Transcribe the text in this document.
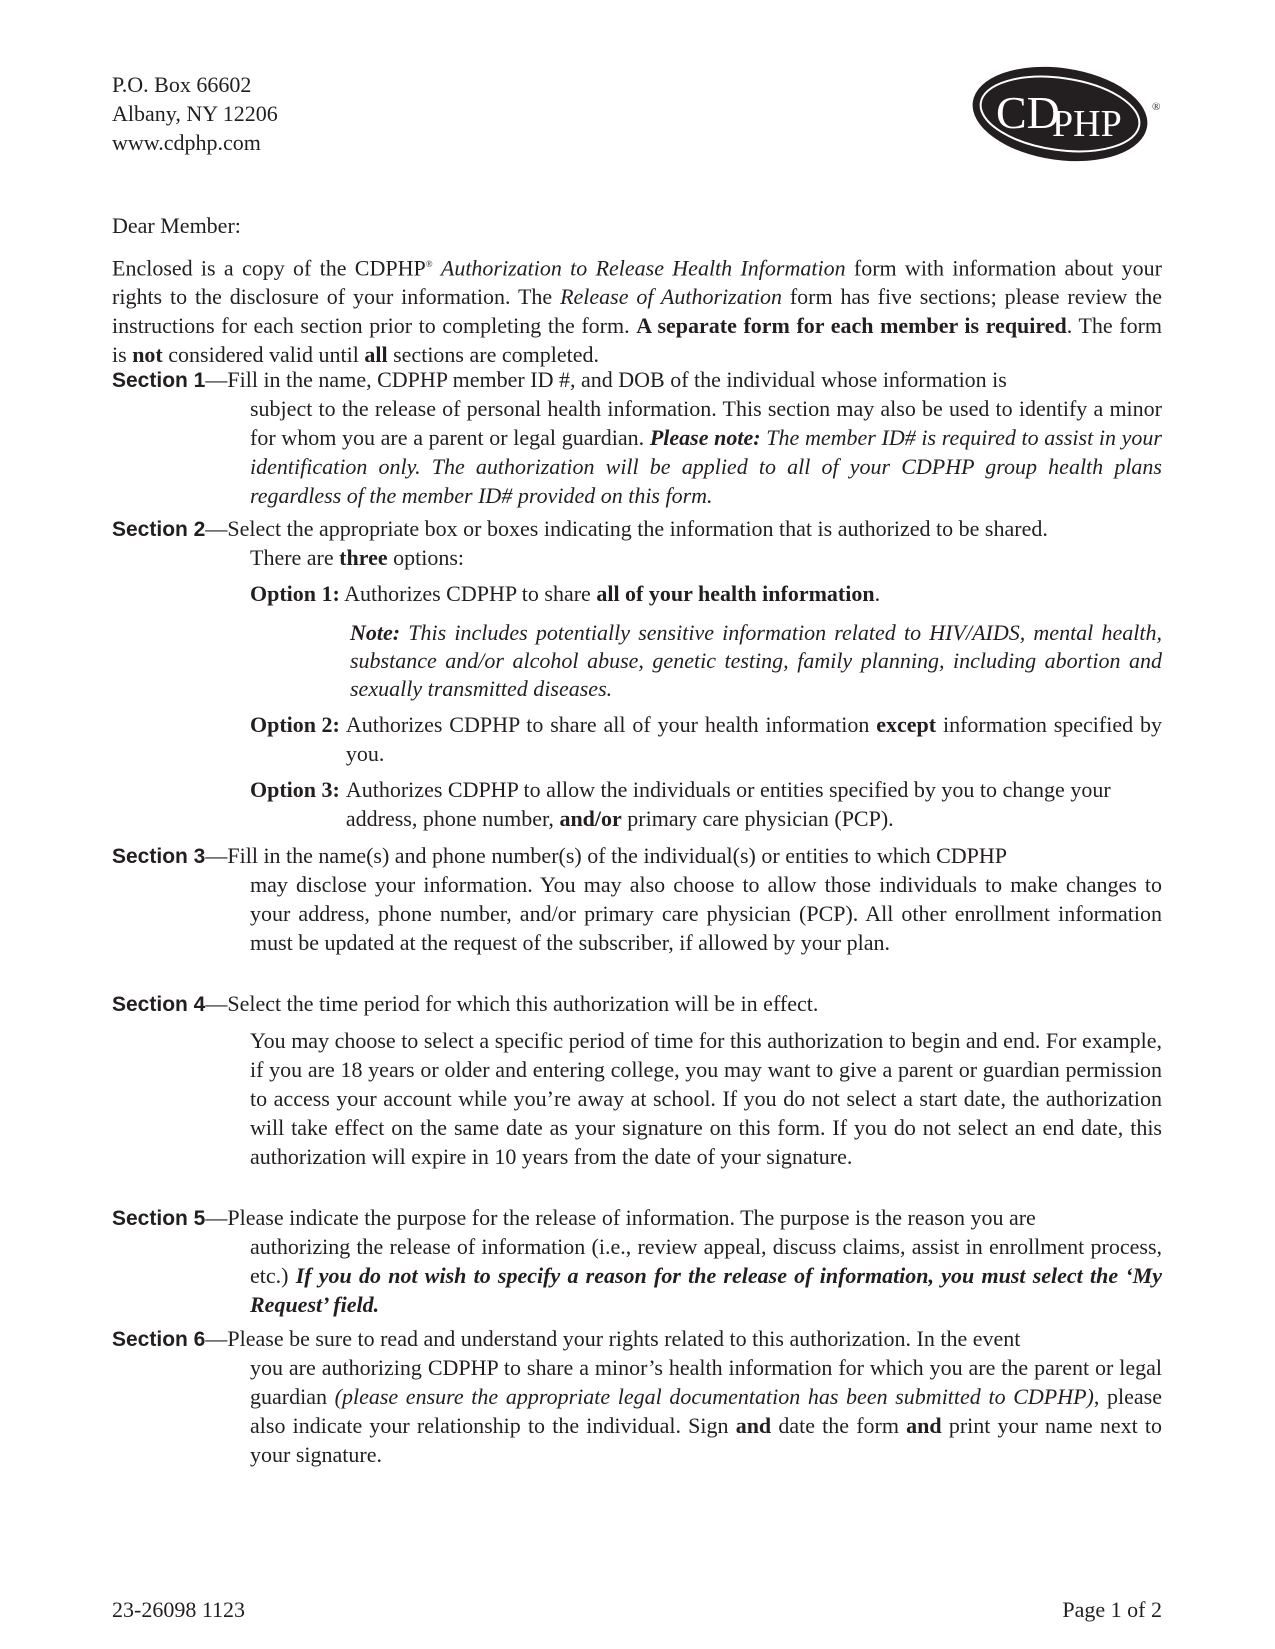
P.O. Box 66602
Albany, NY 12206
www.cdphp.com
CD
PHP	®
Dear Member:
Enclosed is a copy of the CDPHP® Authorization to Release Health Information form with information about your rights to the disclosure of your information. The Release of Authorization form has five sections; please review the instructions for each section prior to completing the form. A separate form for each member is required. The form is not considered valid until all sections are completed.
Section 1—Fill in the name, CDPHP member ID #, and DOB of the individual whose information is
subject to the release of personal health information. This section may also be used to identify a minor for whom you are a parent or legal guardian. Please note: The member ID# is required to assist in your identification only. The authorization will be applied to all of your CDPHP group health plans regardless of the member ID# provided on this form.
Section 2—Select the appropriate box or boxes indicating the information that is authorized to be shared.
There are three options:
Option 1: Authorizes CDPHP to share all of your health information.
Note: This includes potentially sensitive information related to HIV/AIDS, mental health, substance and/or alcohol abuse, genetic testing, family planning, including abortion and sexually transmitted diseases.
Option 2: Authorizes CDPHP to share all of your health information except information specified by you.
Option 3: Authorizes CDPHP to allow the individuals or entities specified by you to change your address, phone number, and/or primary care physician (PCP).
Section 3—Fill in the name(s) and phone number(s) of the individual(s) or entities to which CDPHP
may disclose your information. You may also choose to allow those individuals to make changes to your address, phone number, and/or primary care physician (PCP). All other enrollment information must be updated at the request of the subscriber, if allowed by your plan.
Section 4—Select the time period for which this authorization will be in effect.
You may choose to select a specific period of time for this authorization to begin and end. For example, if you are 18 years or older and entering college, you may want to give a parent or guardian permission to access your account while you’re away at school. If you do not select a start date, the authorization will take effect on the same date as your signature on this form. If you do not select an end date, this authorization will expire in 10 years from the date of your signature.
Section 5—Please indicate the purpose for the release of information. The purpose is the reason you are
authorizing the release of information (i.e., review appeal, discuss claims, assist in enrollment process, etc.) If you do not wish to specify a reason for the release of information, you must select the ‘My Request’ field.
Section 6—Please be sure to read and understand your rights related to this authorization. In the event
you are authorizing CDPHP to share a minor’s health information for which you are the parent or legal guardian (please ensure the appropriate legal documentation has been submitted to CDPHP), please also indicate your relationship to the individual. Sign and date the form and print your name next to your signature.
23-26098 1123	Page 1 of 2
